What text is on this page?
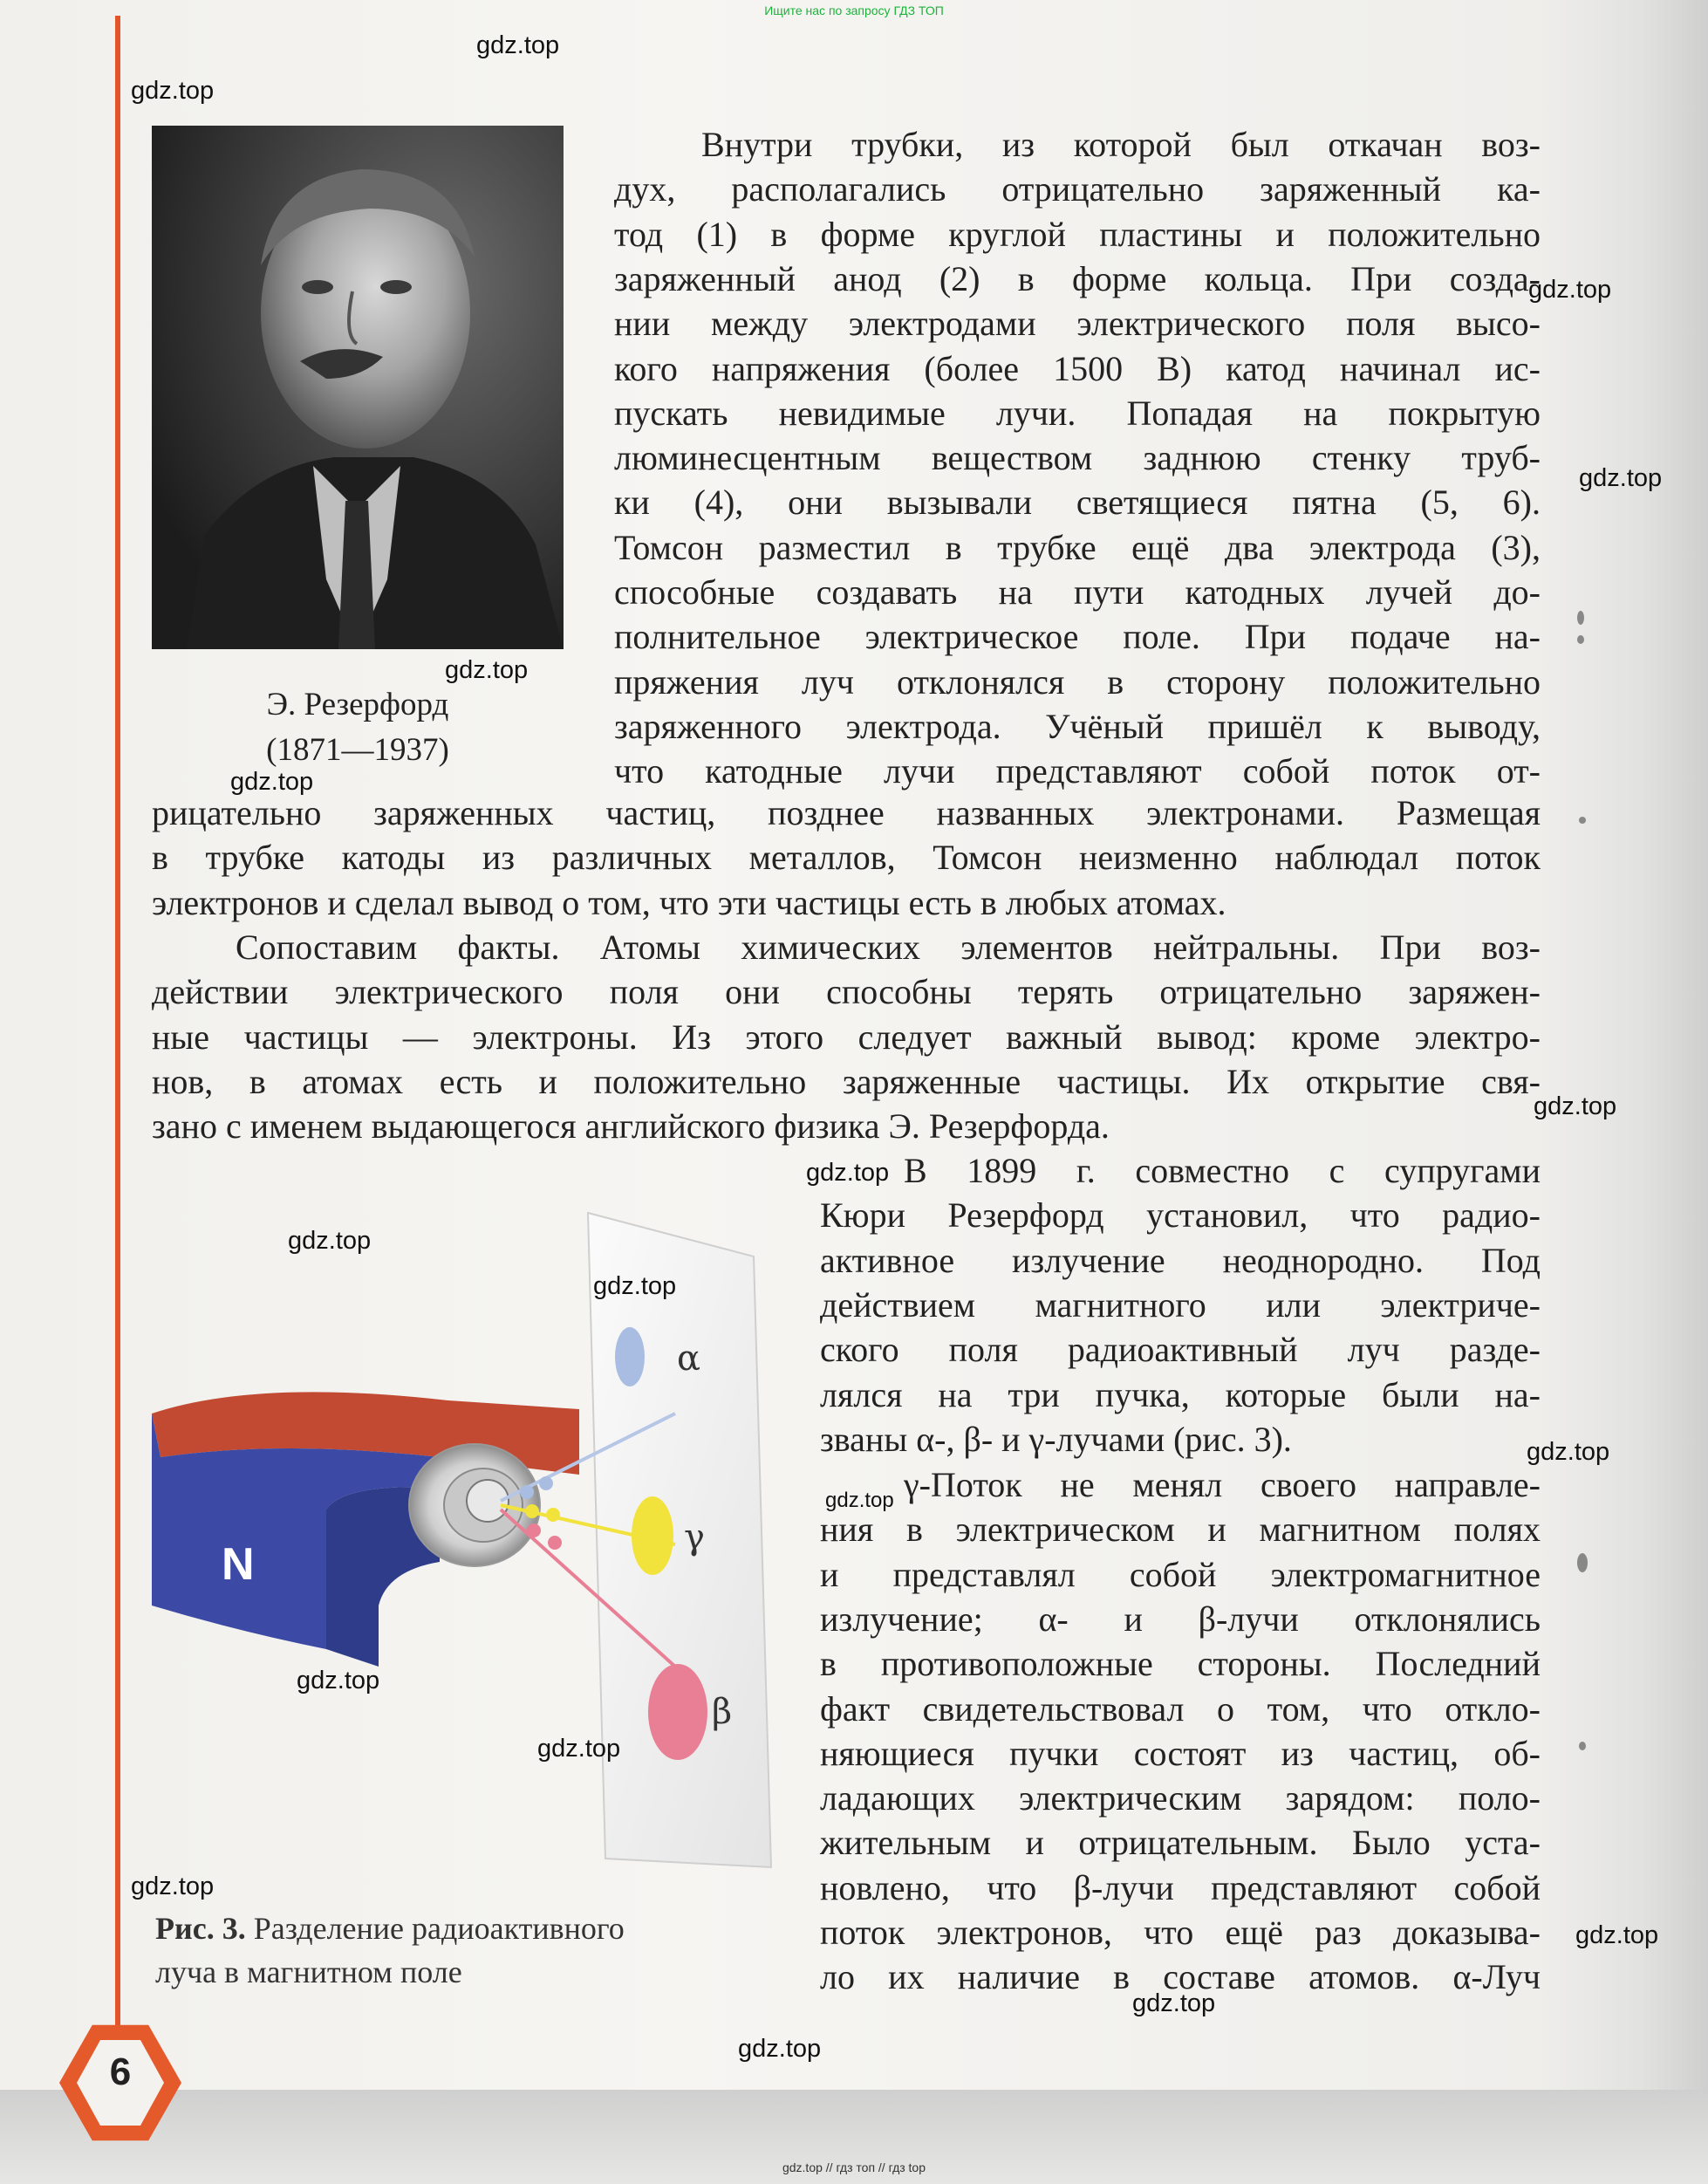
Ищите нас по запросу ГДЗ ТОП
Э. Резерфорд
(1871—1937)
Внутри трубки, из которой был откачан воз-
дух, располагались отрицательно заряженный ка-
тод (1) в форме круглой пластины и положительно
заряженный анод (2) в форме кольца. При созда-
нии между электродами электрического поля высо-
кого напряжения (более 1500 В) катод начинал ис-
пускать невидимые лучи. Попадая на покрытую
люминесцентным веществом заднюю стенку труб-
ки (4), они вызывали светящиеся пятна (5, 6).
Томсон разместил в трубке ещё два электрода (3),
способные создавать на пути катодных лучей до-
полнительное электрическое поле. При подаче на-
пряжения луч отклонялся в сторону положительно
заряженного электрода. Учёный пришёл к выводу,
что катодные лучи представляют собой поток от-
рицательно заряженных частиц, позднее названных электронами. Размещая
в трубке катоды из различных металлов, Томсон неизменно наблюдал поток
электронов и сделал вывод о том, что эти частицы есть в любых атомах.
Сопоставим факты. Атомы химических элементов нейтральны. При воз-
действии электрического поля они способны терять отрицательно заряжен-
ные частицы — электроны. Из этого следует важный вывод: кроме электро-
нов, в атомах есть и положительно заряженные частицы. Их открытие свя-
зано с именем выдающегося английского физика Э. Резерфорда.
В 1899 г. совместно с супругами
Кюри Резерфорд установил, что радио-
активное излучение неоднородно. Под
действием магнитного или электриче-
ского поля радиоактивный луч разде-
лялся на три пучка, которые были на-
званы α-, β- и γ-лучами (рис. 3).
γ-Поток не менял своего направле-
ния в электрическом и магнитном полях
и представлял собой электромагнитное
излучение; α- и β-лучи отклонялись
в противоположные стороны. Последний
факт свидетельствовал о том, что откло-
няющиеся пучки состоят из частиц, об-
ладающих электрическим зарядом: поло-
жительным и отрицательным. Было уста-
новлено, что β-лучи представляют собой
поток электронов, что ещё раз доказыва-
ло их наличие в составе атомов. α-Луч
α
γ
β
N
Рис. 3. Разделение радиоактивного
луча в магнитном поле
6
gdz.top // гдз топ // гдз top
gdz.top
gdz.top
gdz.top
gdz.top
gdz.top
gdz.top
gdz.top
gdz.top
gdz.top
gdz.top
gdz.top
gdz.top
gdz.top
gdz.top
gdz.top
gdz.top
gdz.top
gdz.top
